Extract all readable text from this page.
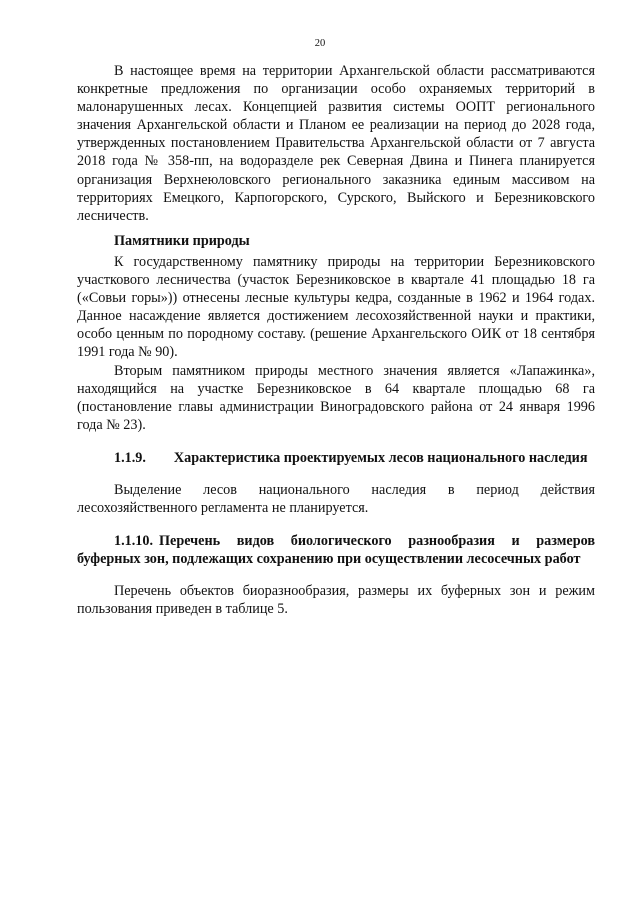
20

В настоящее время на территории Архангельской области рассматриваются конкретные предложения по организации особо охраняемых территорий в малонарушенных лесах. Концепцией развития системы ООПТ регионального значения Архангельской области и Планом ее реализации на период до 2028 года, утвержденных постановлением Правительства Архангельской области от 7 августа 2018 года № 358-пп, на водоразделе рек Северная Двина и Пинега планируется организация Верхнеюловского регионального заказника единым массивом на территориях Емецкого, Карпогорского, Сурского, Выйского и Березниковского лесничеств.

Памятники природы

К государственному памятнику природы на территории Березниковского участкового лесничества (участок Березниковское в квартале 41 площадью 18 га («Совьи горы»)) отнесены лесные культуры кедра, созданные в 1962 и 1964 годах. Данное насаждение является достижением лесохозяйственной науки и практики, особо ценным по породному составу. (решение Архангельского ОИК от 18 сентября 1991 года № 90).

Вторым памятником природы местного значения является «Лапажинка», находящийся на участке Березниковское в 64 квартале площадью 68 га (постановление главы администрации Виноградовского района от 24 января 1996 года № 23).

1.1.9. Характеристика проектируемых лесов национального наследия

Выделение лесов национального наследия в период действия лесохозяйственного регламента не планируется.

1.1.10. Перечень видов биологического разнообразия и размеров буферных зон, подлежащих сохранению при осуществлении лесосечных работ

Перечень объектов биоразнообразия, размеры их буферных зон и режим пользования приведен в таблице 5.
